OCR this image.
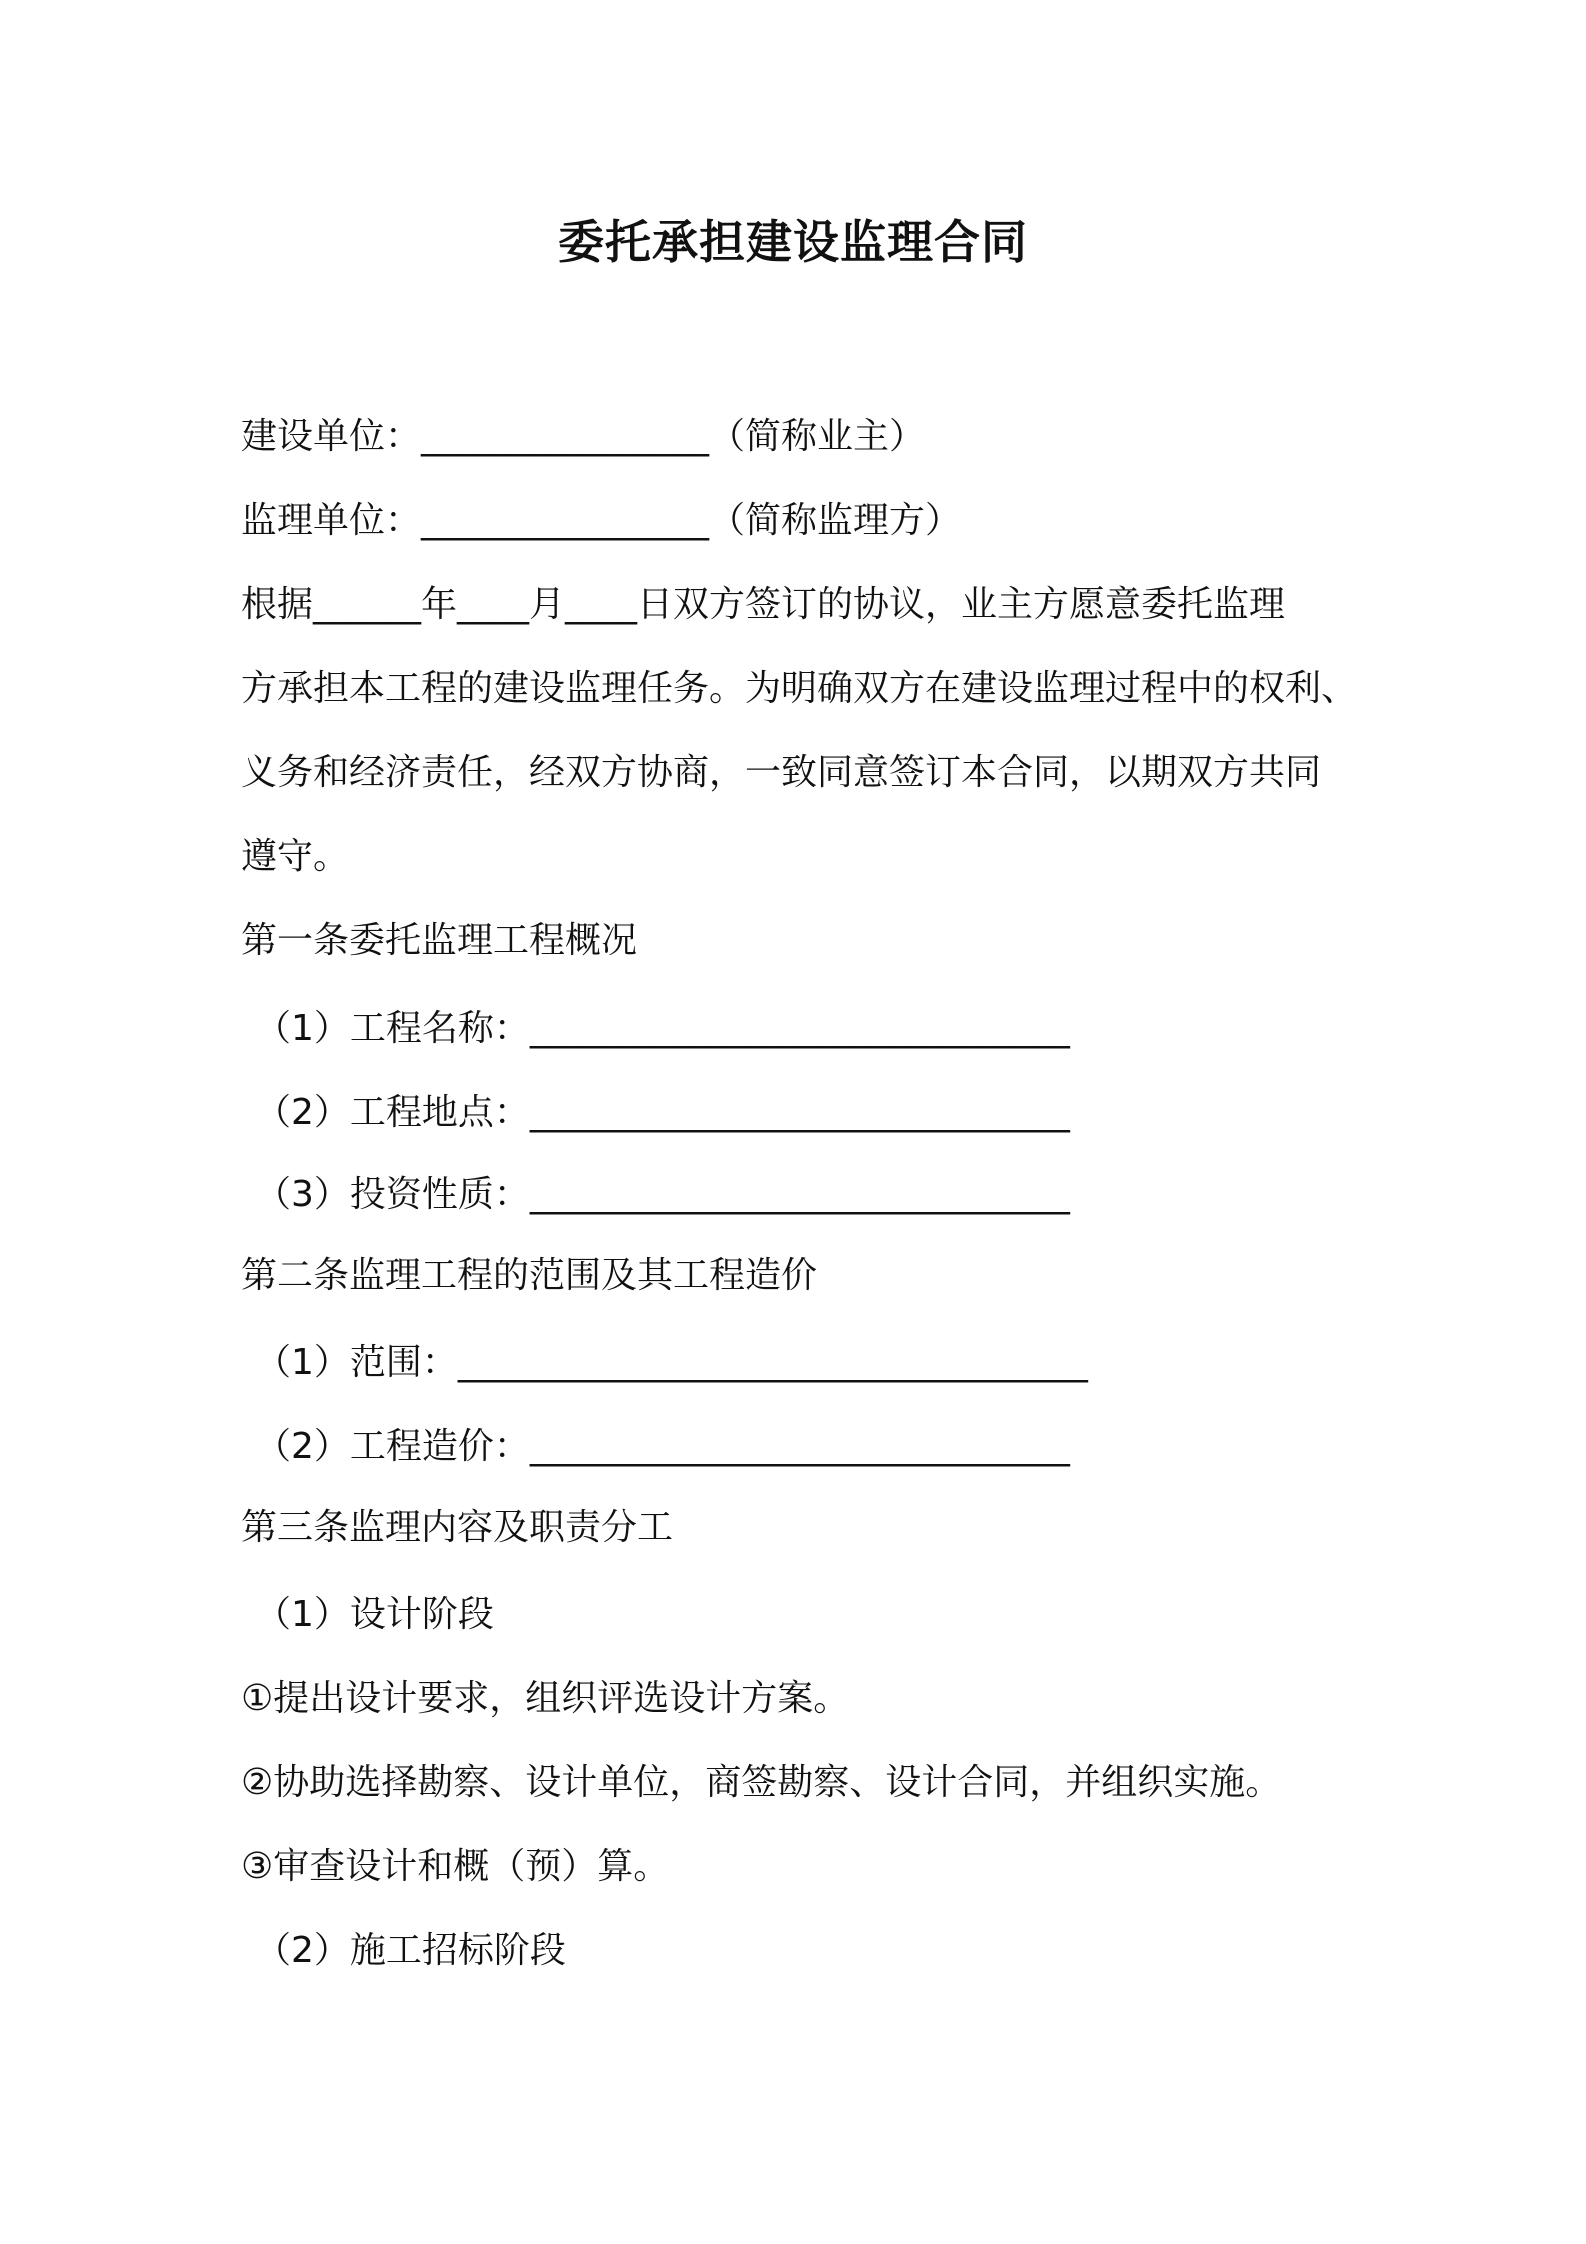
委托承担建设监理合同
建设单位：________________（简称业主）
监理单位：________________（简称监理方）
根据______年____月____日双方签订的协议，业主方愿意委托监理
方承担本工程的建设监理任务。为明确双方在建设监理过程中的权利、
义务和经济责任，经双方协商，一致同意签订本合同，以期双方共同
遵守。
第一条委托监理工程概况
（1）工程名称：______________________________
（2）工程地点：______________________________
（3）投资性质：______________________________
第二条监理工程的范围及其工程造价
（1）范围：___________________________________
（2）工程造价：______________________________
第三条监理内容及职责分工
（1）设计阶段
①提出设计要求，组织评选设计方案。
②协助选择勘察、设计单位，商签勘察、设计合同，并组织实施。
③审查设计和概（预）算。
（2）施工招标阶段
